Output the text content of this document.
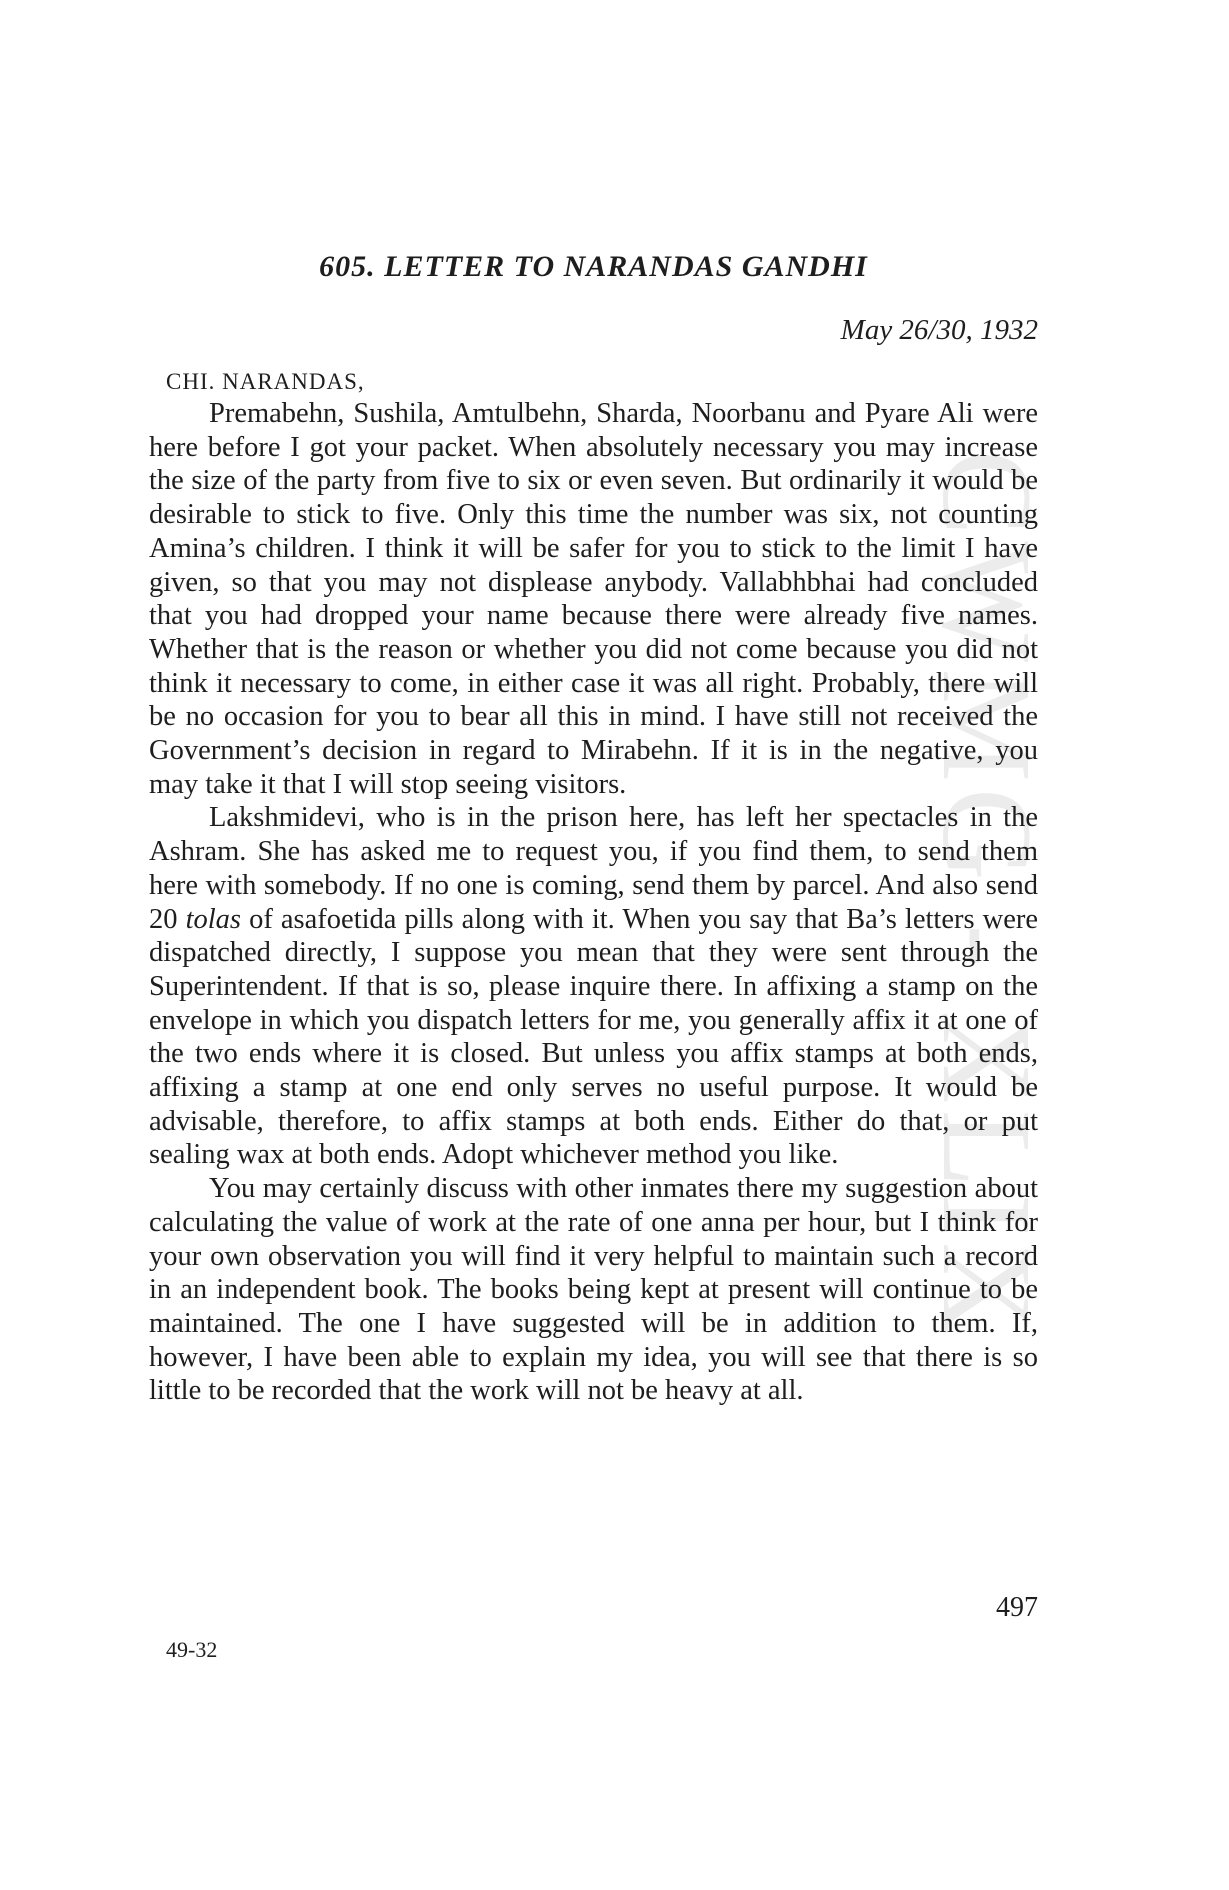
CWMG - XLIX
605. LETTER TO NARANDAS GANDHI

May 26/30, 1932

CHI. NARANDAS,

Premabehn, Sushila, Amtulbehn, Sharda, Noorbanu and Pyare Ali were here before I got your packet. When absolutely necessary you may increase the size of the party from five to six or even seven. But ordinarily it would be desirable to stick to five. Only this time the number was six, not counting Amina’s children. I think it will be safer for you to stick to the limit I have given, so that you may not displease anybody. Vallabhbhai had concluded that you had dropped your name because there were already five names. Whether that is the reason or whether you did not come because you did not think it necessary to come, in either case it was all right. Probably, there will be no occasion for you to bear all this in mind. I have still not received the Government’s decision in regard to Mirabehn. If it is in the negative, you may take it that I will stop seeing visitors.

Lakshmidevi, who is in the prison here, has left her spectacles in the Ashram. She has asked me to request you, if you find them, to send them here with somebody. If no one is coming, send them by parcel. And also send 20 tolas of asafoetida pills along with it. When you say that Ba’s letters were dispatched directly, I suppose you mean that they were sent through the Superintendent. If that is so, please inquire there. In affixing a stamp on the envelope in which you dispatch letters for me, you generally affix it at one of the two ends where it is closed. But unless you affix stamps at both ends, affixing a stamp at one end only serves no useful purpose. It would be advisable, therefore, to affix stamps at both ends. Either do that, or put sealing wax at both ends. Adopt whichever method you like.

You may certainly discuss with other inmates there my suggestion about calculating the value of work at the rate of one anna per hour, but I think for your own observation you will find it very helpful to maintain such a record in an independent book. The books being kept at present will continue to be maintained. The one I have suggested will be in addition to them. If, however, I have been able to explain my idea, you will see that there is so little to be recorded that the work will not be heavy at all.

497

49-32
